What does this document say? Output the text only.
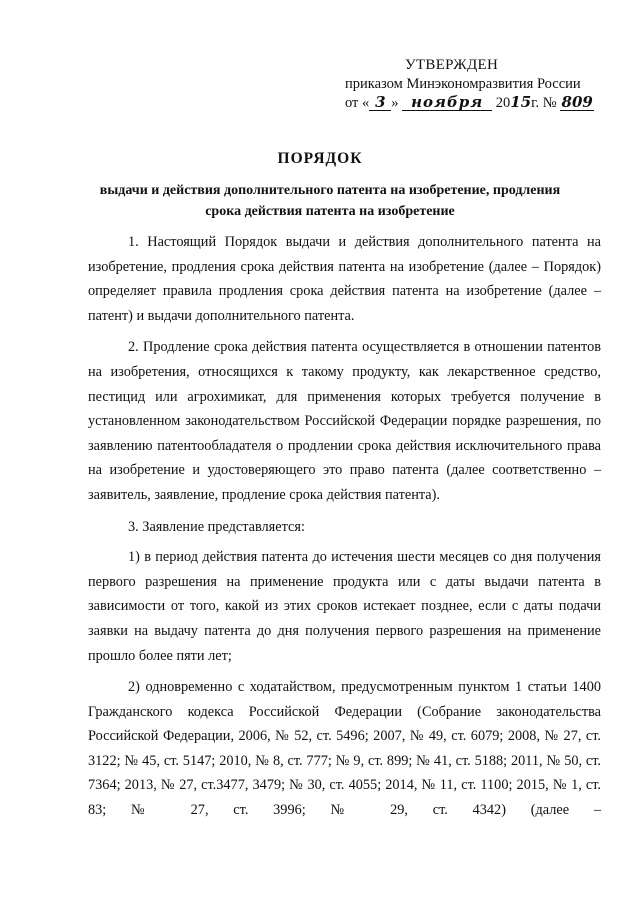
УТВЕРЖДЕН
приказом Минэкономразвития России
от « 3 » ноября 2015г. № 809
ПОРЯДОК
выдачи и действия дополнительного патента на изобретение, продления
срока действия патента на изобретение

1. Настоящий Порядок выдачи и действия дополнительного патента на изобретение, продления срока действия патента на изобретение (далее – Порядок) определяет правила продления срока действия патента на изобретение (далее – патент) и выдачи дополнительного патента.

2. Продление срока действия патента осуществляется в отношении патентов на изобретения, относящихся к такому продукту, как лекарственное средство, пестицид или агрохимикат, для применения которых требуется получение в установленном законодательством Российской Федерации порядке разрешения, по заявлению патентообладателя о продлении срока действия исключительного права на изобретение и удостоверяющего это право патента (далее соответственно – заявитель, заявление, продление срока действия патента).

3. Заявление представляется:

1) в период действия патента до истечения шести месяцев со дня получения первого разрешения на применение продукта или с даты выдачи патента в зависимости от того, какой из этих сроков истекает позднее, если с даты подачи заявки на выдачу патента до дня получения первого разрешения на применение прошло более пяти лет;

2) одновременно с ходатайством, предусмотренным пунктом 1 статьи 1400 Гражданского кодекса Российской Федерации (Собрание законодательства Российской Федерации, 2006, № 52, ст. 5496; 2007, № 49, ст. 6079; 2008, № 27, ст. 3122; № 45, ст. 5147; 2010, № 8, ст. 777; № 9, ст. 899; № 41, ст. 5188; 2011, № 50, ст. 7364; 2013, № 27, ст.3477, 3479; № 30, ст. 4055; 2014, № 11, ст. 1100; 2015, № 1, ст. 83; № 27, ст. 3996; № 29, ст. 4342) (далее –
